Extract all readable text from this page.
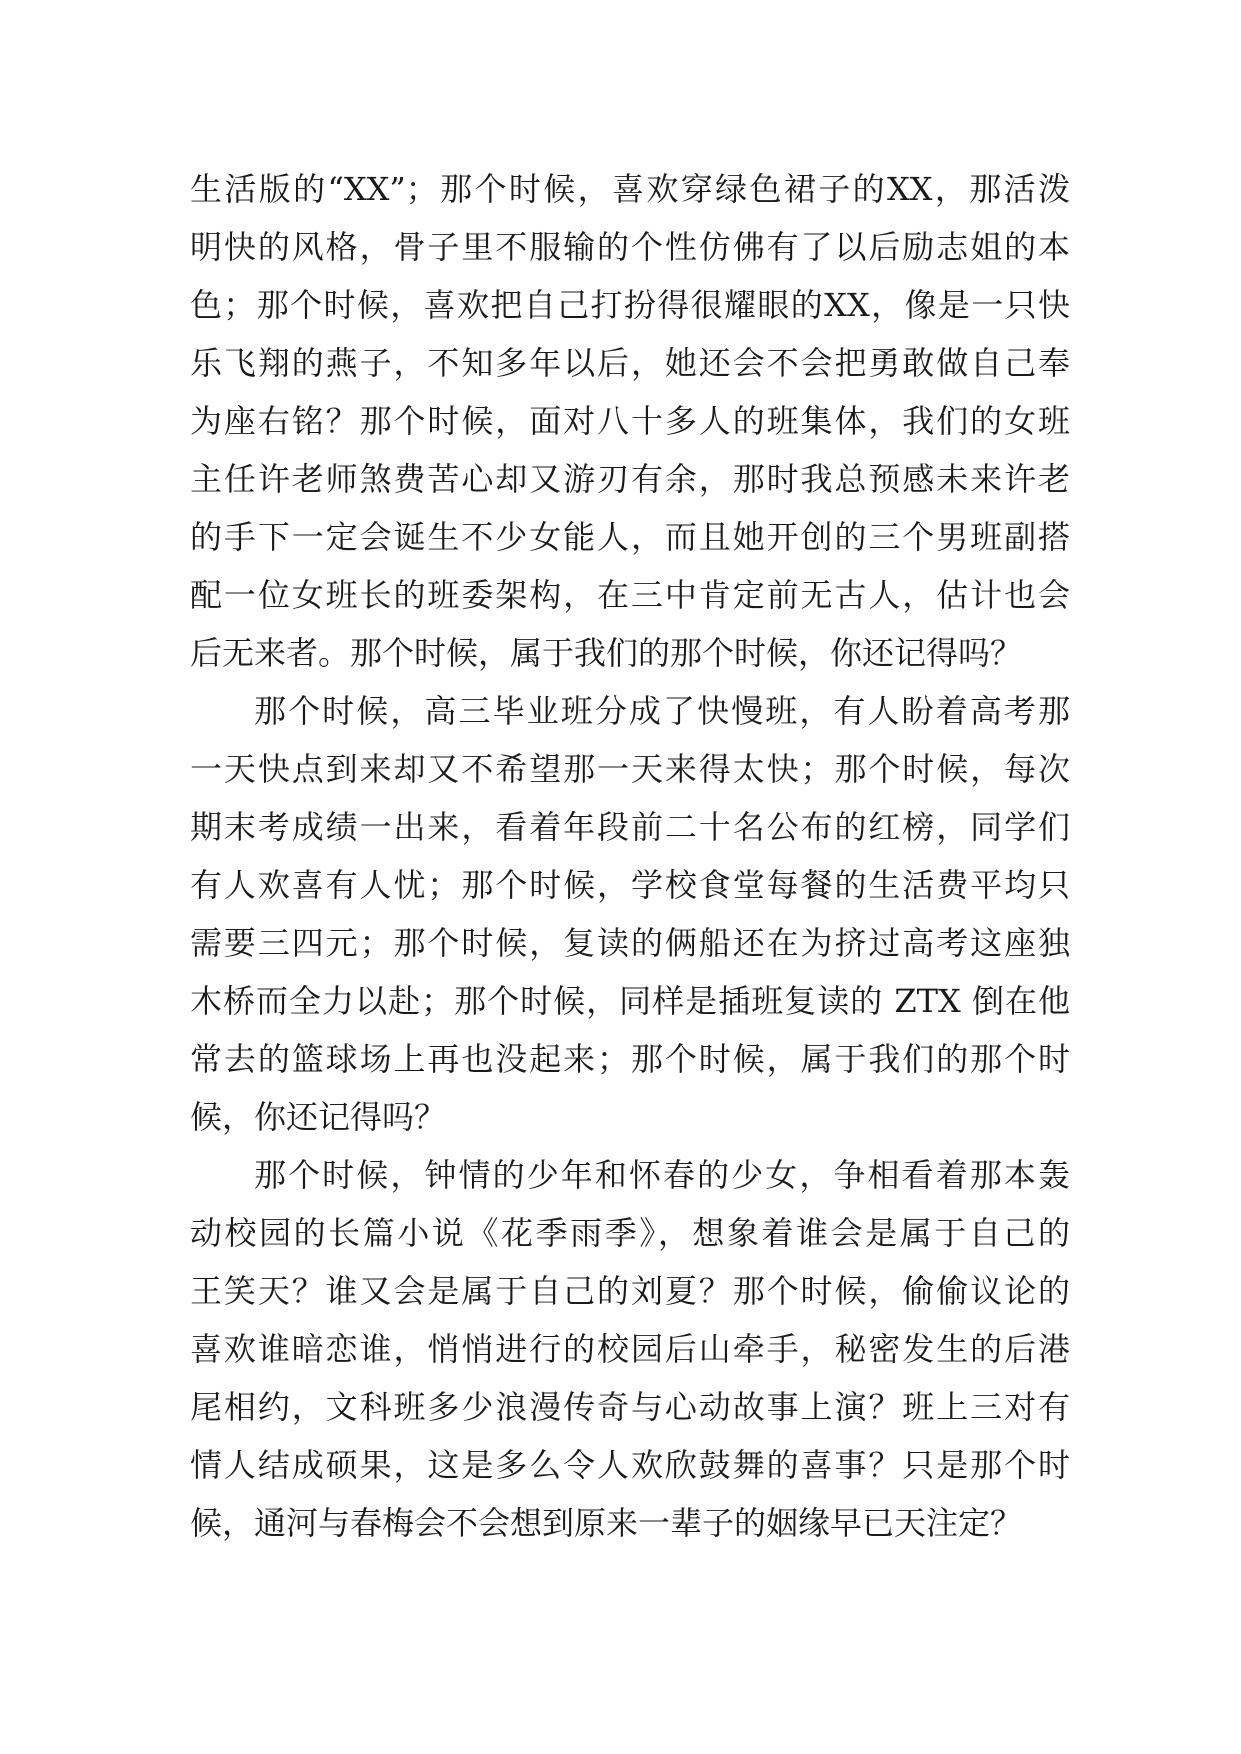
生活版的“XX”；那个时候，喜欢穿绿色裙子的XX，那活泼
明快的风格，骨子里不服输的个性仿佛有了以后励志姐的本
色；那个时候，喜欢把自己打扮得很耀眼的XX，像是一只快
乐飞翔的燕子，不知多年以后，她还会不会把勇敢做自己奉
为座右铭？那个时候，面对八十多人的班集体，我们的女班
主任许老师煞费苦心却又游刃有余，那时我总预感未来许老
的手下一定会诞生不少女能人，而且她开创的三个男班副搭
配一位女班长的班委架构，在三中肯定前无古人，估计也会
后无来者。那个时候，属于我们的那个时候，你还记得吗？
那个时候，高三毕业班分成了快慢班，有人盼着高考那
一天快点到来却又不希望那一天来得太快；那个时候，每次
期末考成绩一出来，看着年段前二十名公布的红榜，同学们
有人欢喜有人忧；那个时候，学校食堂每餐的生活费平均只
需要三四元；那个时候，复读的俩船还在为挤过高考这座独
木桥而全力以赴；那个时候，同样是插班复读的 ZTX 倒在他
常去的篮球场上再也没起来；那个时候，属于我们的那个时
候，你还记得吗？
那个时候，钟情的少年和怀春的少女，争相看着那本轰
动校园的长篇小说《花季雨季》，想象着谁会是属于自己的
王笑天？谁又会是属于自己的刘夏？那个时候，偷偷议论的
喜欢谁暗恋谁，悄悄进行的校园后山牵手，秘密发生的后港
尾相约，文科班多少浪漫传奇与心动故事上演？班上三对有
情人结成硕果，这是多么令人欢欣鼓舞的喜事？只是那个时
候，通河与春梅会不会想到原来一辈子的姻缘早已天注定？
